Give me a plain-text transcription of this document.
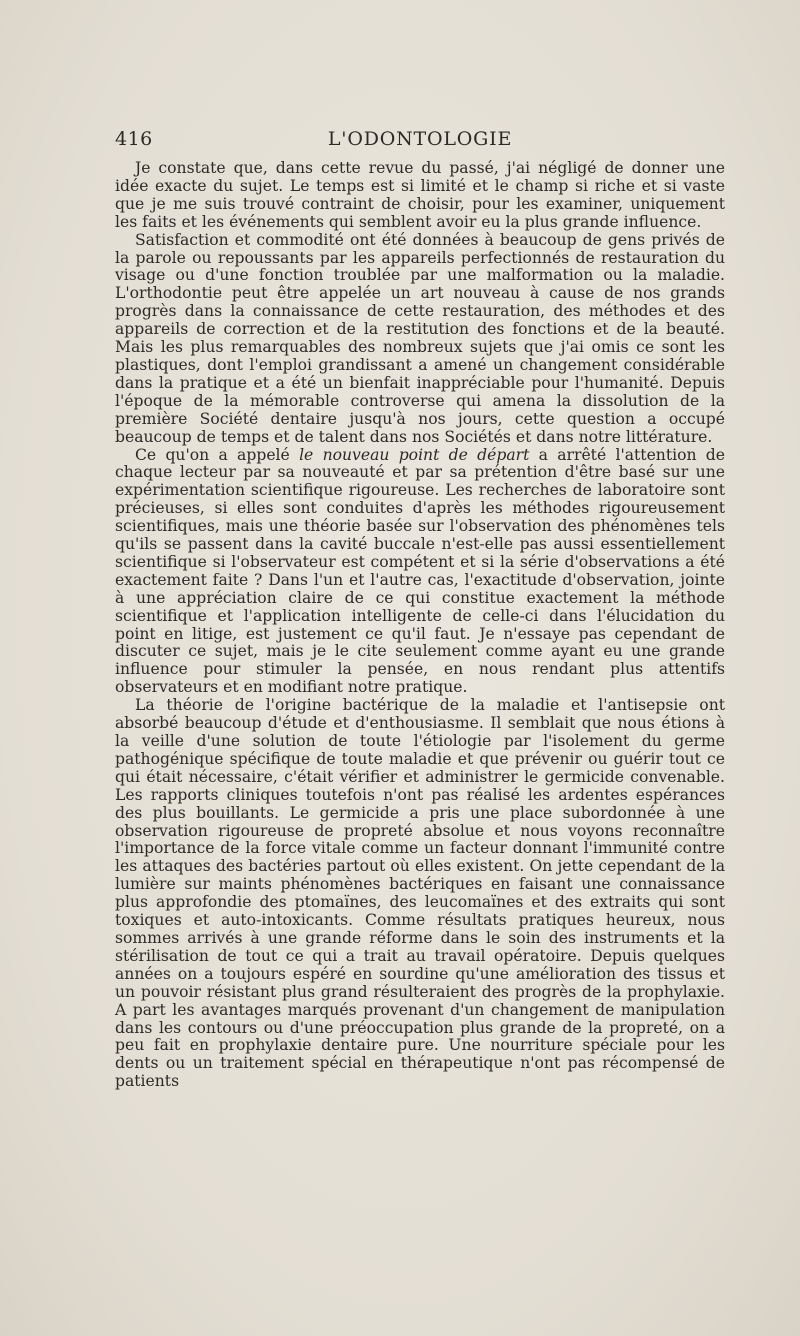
416	L'ODONTOLOGIE

Je constate que, dans cette revue du passé, j'ai négligé de donner une idée exacte du sujet. Le temps est si limité et le champ si riche et si vaste que je me suis trouvé contraint de choisir, pour les examiner, uniquement les faits et les événements qui semblent avoir eu la plus grande influence.

Satisfaction et commodité ont été données à beaucoup de gens privés de la parole ou repoussants par les appareils perfectionnés de restauration du visage ou d'une fonction troublée par une malformation ou la maladie. L'orthodontie peut être appelée un art nouveau à cause de nos grands progrès dans la connaissance de cette restauration, des méthodes et des appareils de correction et de la restitution des fonctions et de la beauté. Mais les plus remarquables des nombreux sujets que j'ai omis ce sont les plastiques, dont l'emploi grandissant a amené un changement considérable dans la pratique et a été un bienfait inappréciable pour l'humanité. Depuis l'époque de la mémorable controverse qui amena la dissolution de la première Société dentaire jusqu'à nos jours, cette question a occupé beaucoup de temps et de talent dans nos Sociétés et dans notre littérature.

Ce qu'on a appelé le nouveau point de départ a arrêté l'attention de chaque lecteur par sa nouveauté et par sa prétention d'être basé sur une expérimentation scientifique rigoureuse. Les recherches de laboratoire sont précieuses, si elles sont conduites d'après les méthodes rigoureusement scientifiques, mais une théorie basée sur l'observation des phénomènes tels qu'ils se passent dans la cavité buccale n'est-elle pas aussi essentiellement scientifique si l'observateur est compétent et si la série d'observations a été exactement faite ? Dans l'un et l'autre cas, l'exactitude d'observation, jointe à une appréciation claire de ce qui constitue exactement la méthode scientifique et l'application intelligente de celle-ci dans l'élucidation du point en litige, est justement ce qu'il faut. Je n'essaye pas cependant de discuter ce sujet, mais je le cite seulement comme ayant eu une grande influence pour stimuler la pensée, en nous rendant plus attentifs observateurs et en modifiant notre pratique.

La théorie de l'origine bactérique de la maladie et l'antisepsie ont absorbé beaucoup d'étude et d'enthousiasme. Il semblait que nous étions à la veille d'une solution de toute l'étiologie par l'isolement du germe pathogénique spécifique de toute maladie et que prévenir ou guérir tout ce qui était nécessaire, c'était vérifier et administrer le germicide convenable. Les rapports cliniques toutefois n'ont pas réalisé les ardentes espérances des plus bouillants. Le germicide a pris une place subordonnée à une observation rigoureuse de propreté absolue et nous voyons reconnaître l'importance de la force vitale comme un facteur donnant l'immunité contre les attaques des bactéries partout où elles existent. On jette cependant de la lumière sur maints phénomènes bactériques en faisant une connaissance plus approfondie des ptomaïnes, des leucomaïnes et des extraits qui sont toxiques et auto-intoxicants. Comme résultats pratiques heureux, nous sommes arrivés à une grande réforme dans le soin des instruments et la stérilisation de tout ce qui a trait au travail opératoire. Depuis quelques années on a toujours espéré en sourdine qu'une amélioration des tissus et un pouvoir résistant plus grand résulteraient des progrès de la prophylaxie. A part les avantages marqués provenant d'un changement de manipulation dans les contours ou d'une préoccupation plus grande de la propreté, on a peu fait en prophylaxie dentaire pure. Une nourriture spéciale pour les dents ou un traitement spécial en thérapeutique n'ont pas récompensé de patients
